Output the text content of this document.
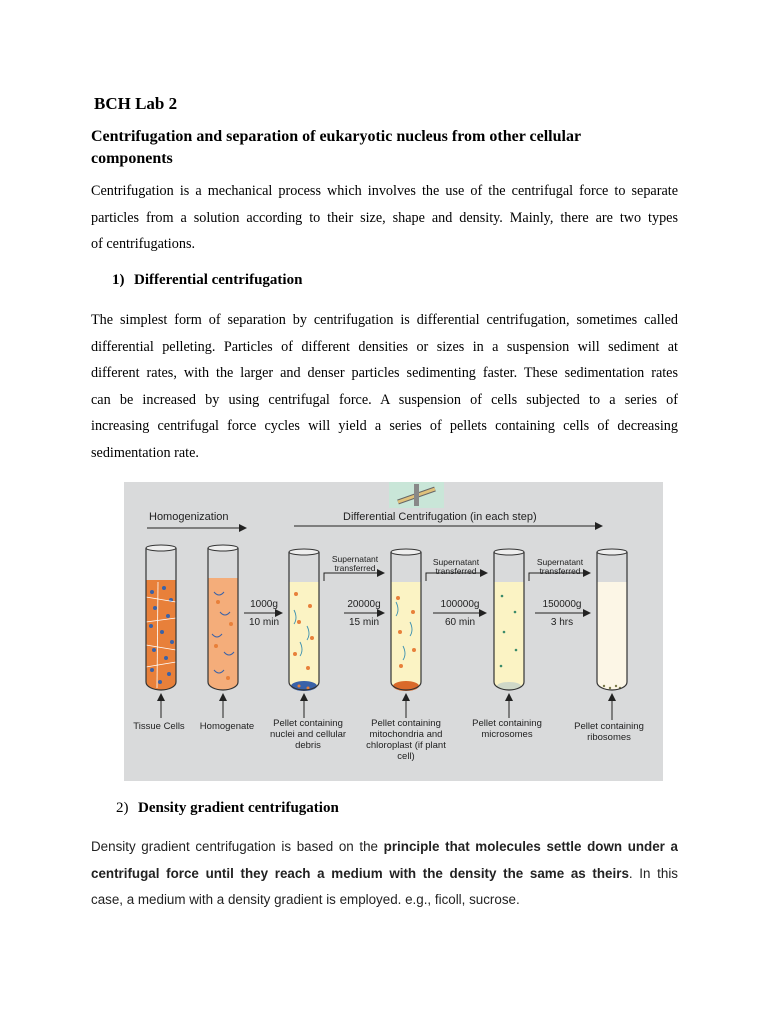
BCH Lab 2
Centrifugation and separation of eukaryotic nucleus from other cellular
components
Centrifugation is a mechanical process which involves the use of the centrifugal force to separate
particles from a solution according to their size, shape and density. Mainly, there are two types
of centrifugations.
1) Differential centrifugation
The simplest form of separation by centrifugation is differential centrifugation, sometimes called
differential pelleting. Particles of different densities or sizes in a suspension will sediment at
different rates, with the larger and denser particles sedimenting faster. These sedimentation rates
can be increased by using centrifugal force. A suspension of cells subjected to a series of
increasing centrifugal force cycles will yield a series of pellets containing cells of decreasing
sedimentation rate.
Homogenization	Differential Centrifugation (in each step)
Supernatant
transferred
Supernatant
transferred
Supernatant
transferred
1000g
10 min
20000g
15 min
100000g
60 min
150000g
3 hrs
Tissue Cells Homogenate Pellet containing
nuclei and cellular
debris
Pellet containing
mitochondria and
chloroplast (if plant
cell)
Pellet containing
microsomes
Pellet containing
ribosomes
2) Density gradient centrifugation
Density gradient centrifugation is based on the principle that molecules settle down under a
centrifugal force until they reach a medium with the density the same as theirs. In this
case, a medium with a density gradient is employed. e.g., ficoll, sucrose.
